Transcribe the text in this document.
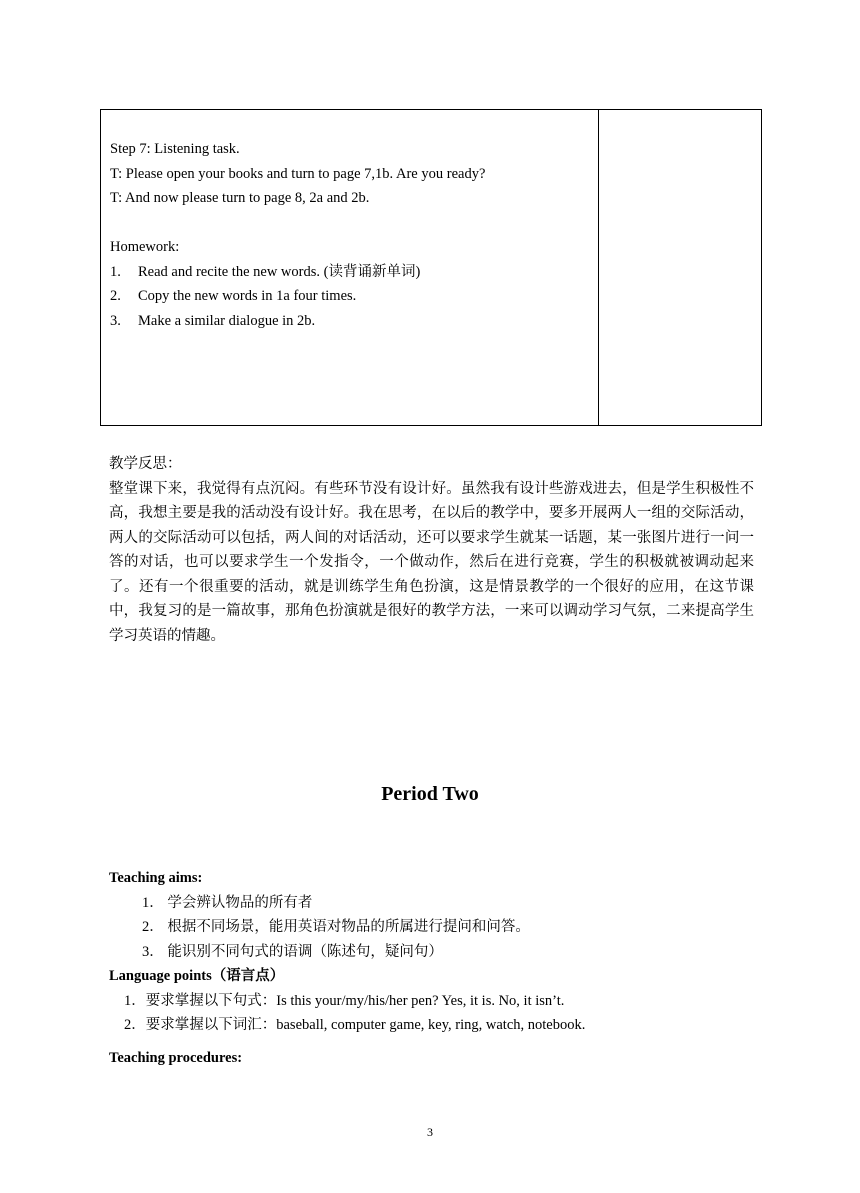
Step 7: Listening task.
T: Please open your books and turn to page 7,1b. Are you ready?
T: And now please turn to page 8, 2a and 2b.
Homework:
1.	Read and recite the new words. (读背诵新单词)
2.	Copy the new words in 1a four times.
3.	Make a similar dialogue in 2b.
教学反思：
整堂课下来，我觉得有点沉闷。有些环节没有设计好。虽然我有设计些游戏进去，但是学生积极性不高，我想主要是我的活动没有设计好。我在思考，在以后的教学中，要多开展两人一组的交际活动，两人的交际活动可以包括，两人间的对话活动，还可以要求学生就某一话题，某一张图片进行一问一答的对话，也可以要求学生一个发指令，一个做动作，然后在进行竞赛，学生的积极就被调动起来了。还有一个很重要的活动，就是训练学生角色扮演，这是情景教学的一个很好的应用，在这节课中，我复习的是一篇故事，那角色扮演就是很好的教学方法，一来可以调动学习气氛，二来提高学生学习英语的情趣。
Period Two
Teaching aims:
1． 学会辨认物品的所有者
2． 根据不同场景，能用英语对物品的所属进行提问和问答。
3． 能识别不同句式的语调（陈述句，疑问句）
Language points（语言点）
1．要求掌握以下句式：Is this your/my/his/her pen? Yes, it is. No, it isn’t.
2．要求掌握以下词汇：baseball, computer game, key, ring, watch, notebook.
Teaching procedures:
3
